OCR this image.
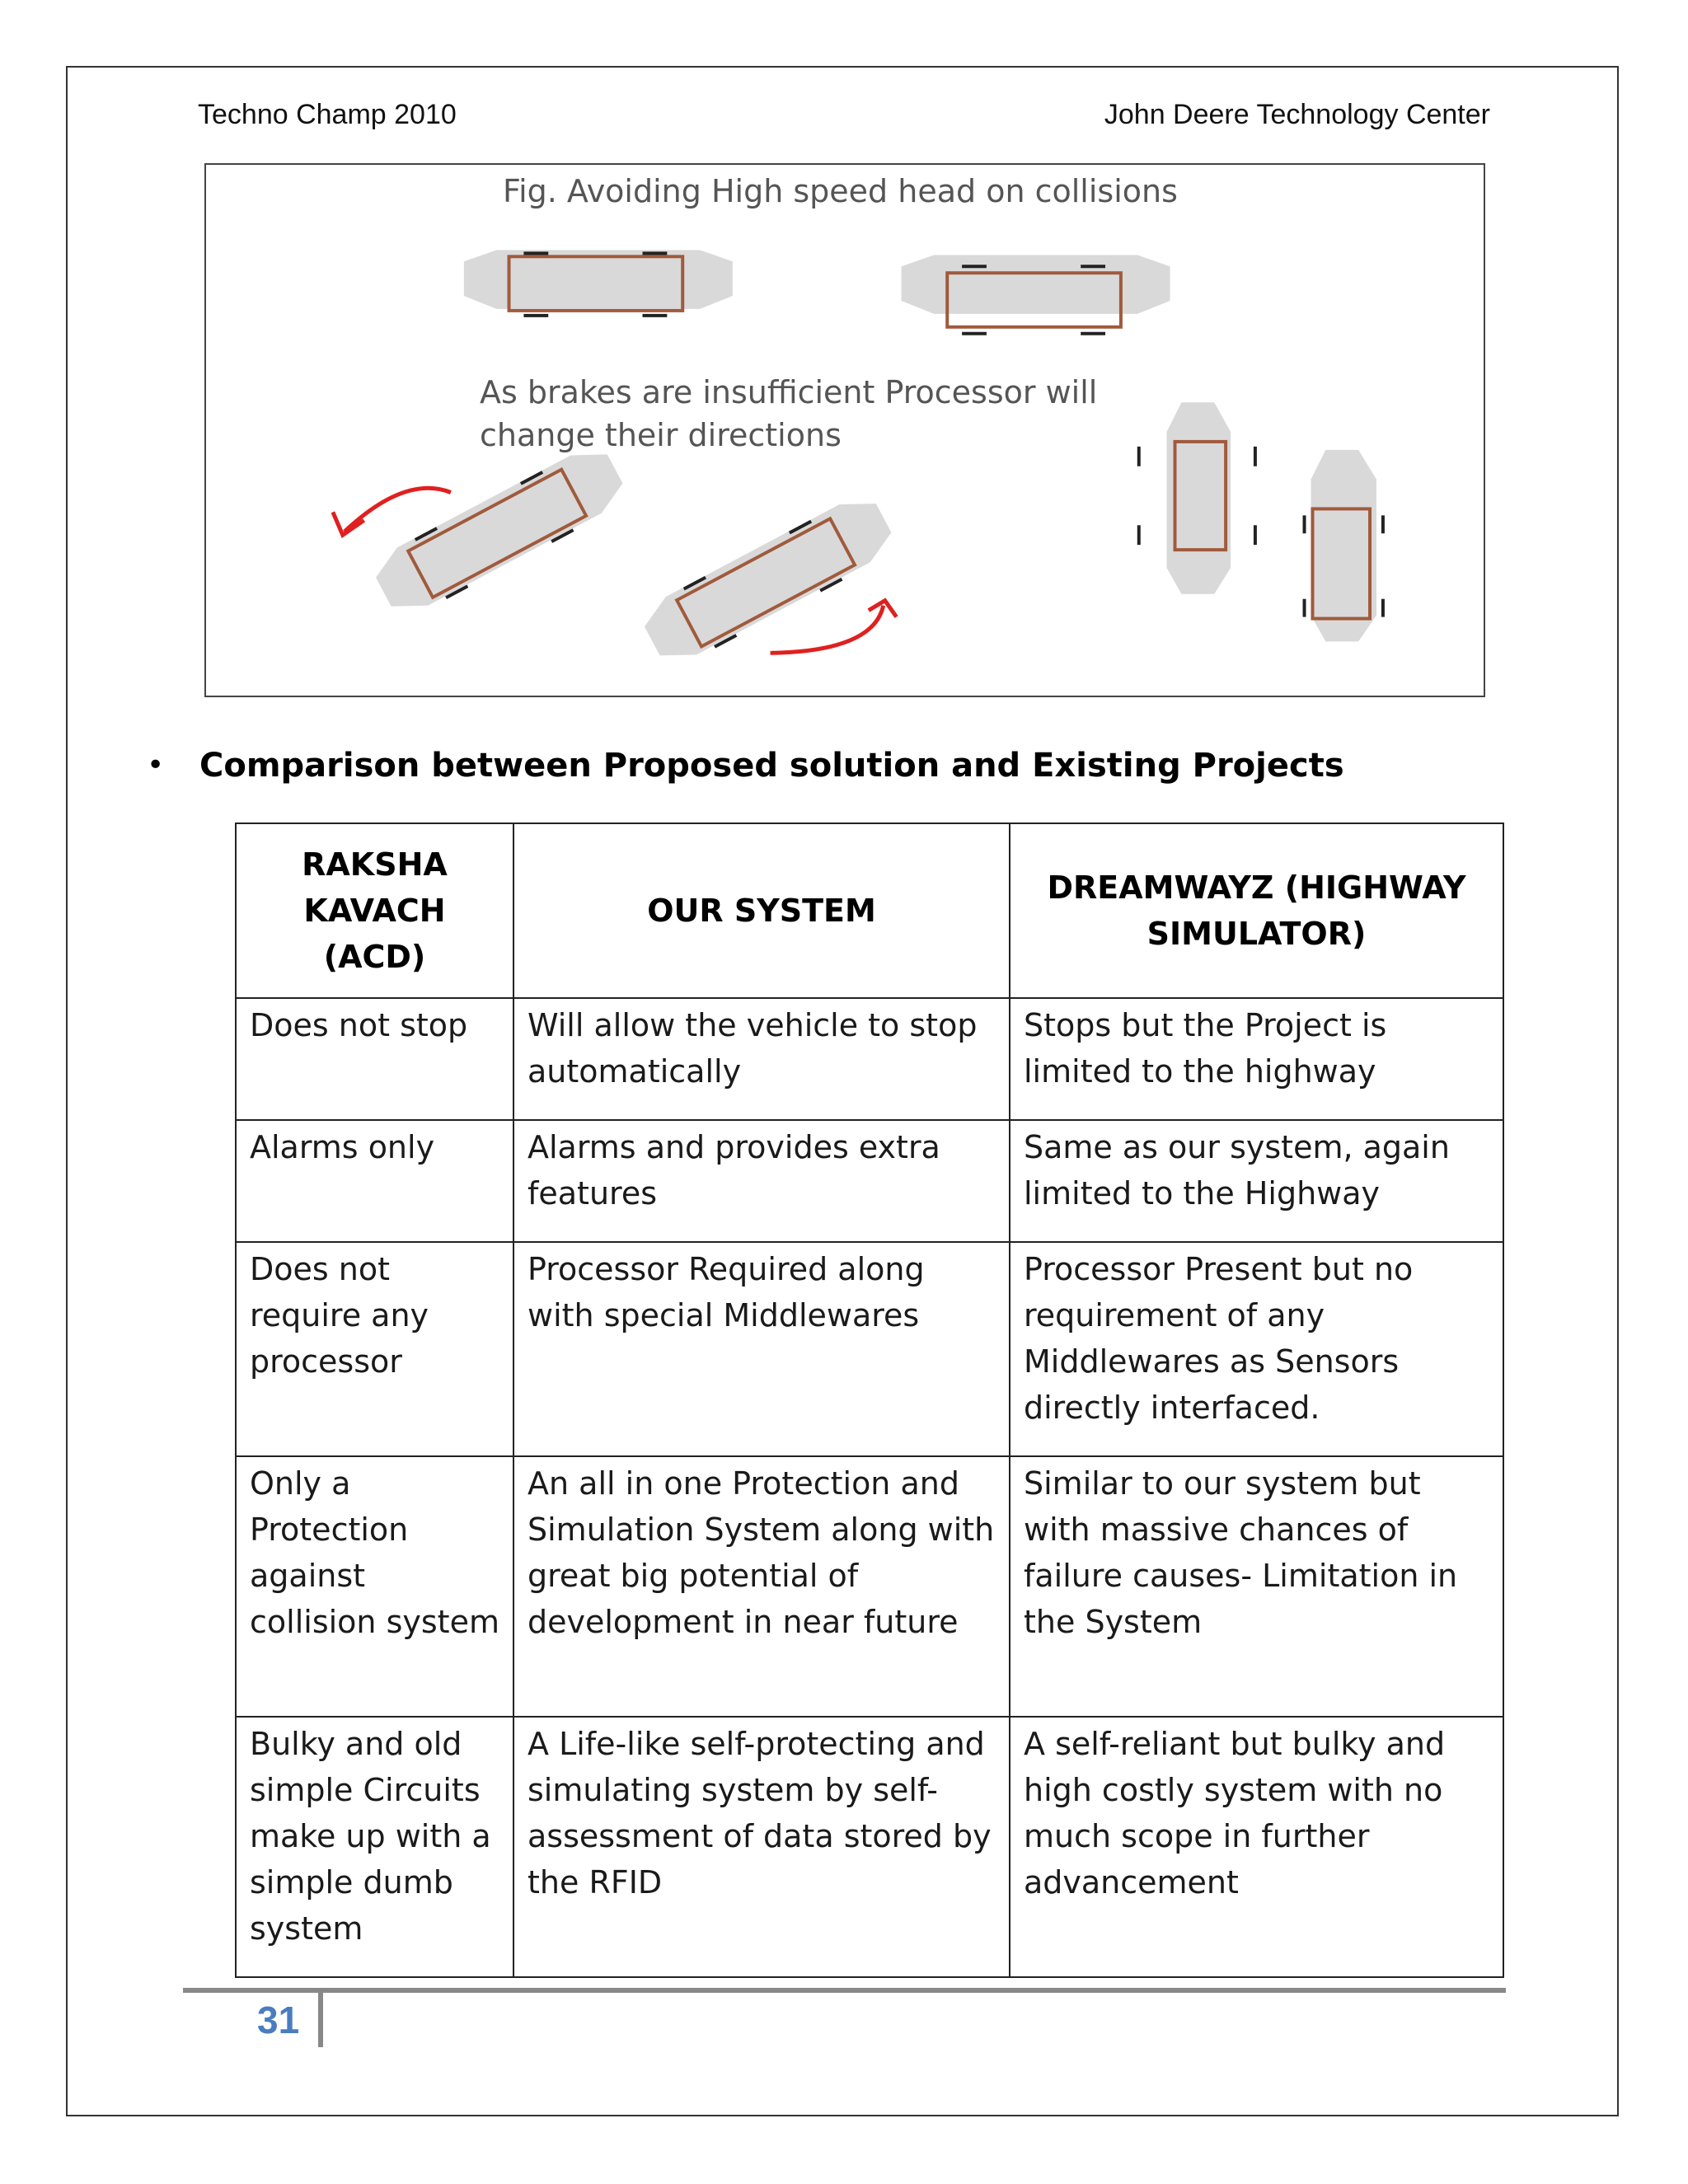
Techno Champ 2010	John Deere Technology Center
Fig. Avoiding High speed head on collisions
As brakes are insufficient Processor will
change their directions
•	Comparison between Proposed solution and Existing Projects
RAKSHA KAVACH (ACD)	OUR SYSTEM	DREAMWAYZ (HIGHWAY SIMULATOR)
Does not stop	Will allow the vehicle to stop automatically	Stops but the Project is limited to the highway
Alarms only	Alarms and provides extra features	Same as our system, again limited to the Highway
Does not require any processor	Processor Required along with special Middlewares	Processor Present but no requirement of any Middlewares as Sensors directly interfaced.
Only a Protection against collision system	An all in one Protection and Simulation System along with great big potential of development in near future	Similar to our system but with massive chances of failure causes- Limitation in the System
Bulky and old simple Circuits make up with a simple dumb system	A Life-like self-protecting and simulating system by self-assessment of data stored by the RFID	A self-reliant but bulky and high costly system with no much scope in further advancement
31
